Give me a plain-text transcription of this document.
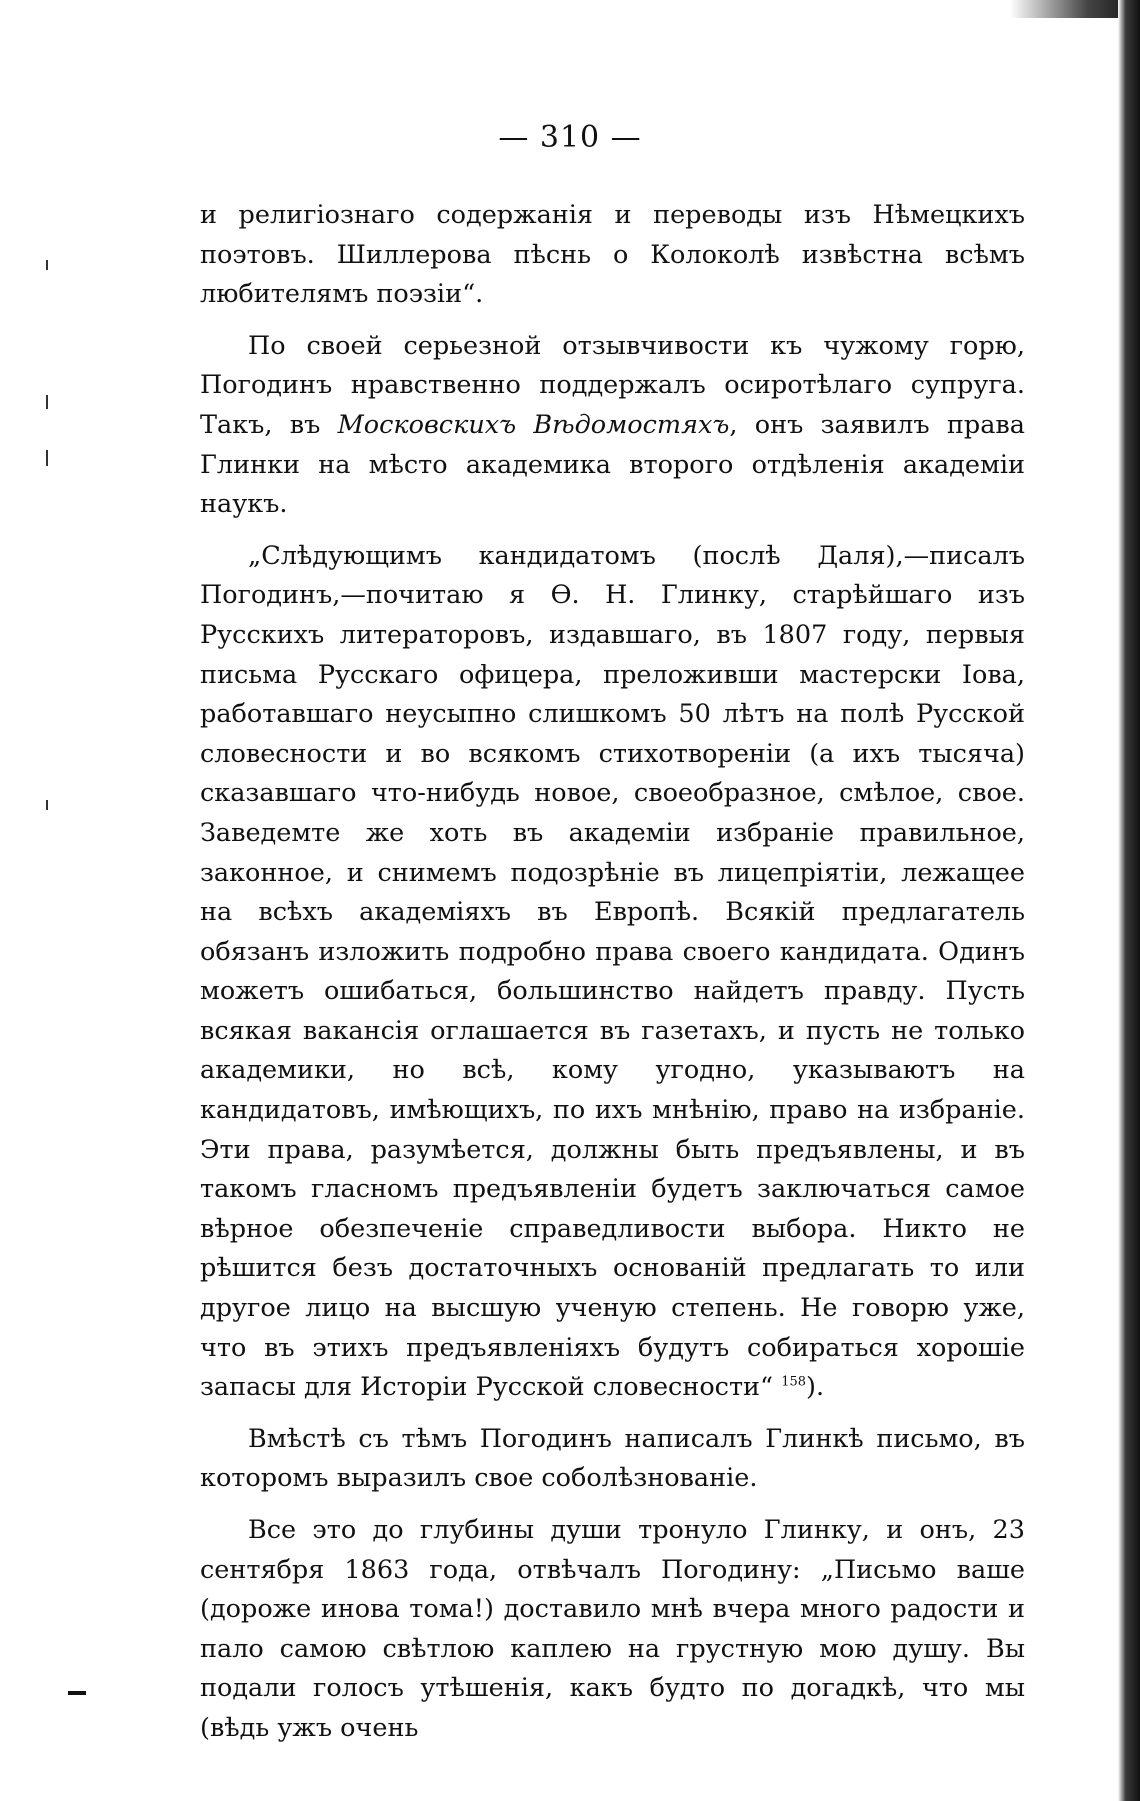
— 310 —

и религіознаго содержанія и переводы изъ Нѣмецкихъ поэтовъ. Шиллерова пѣснь о Колоколѣ извѣстна всѣмъ любителямъ поэзіи“.

По своей серьезной отзывчивости къ чужому горю, Погодинъ нравственно поддержалъ осиротѣлаго супруга. Такъ, въ Московскихъ Вѣдомостяхъ, онъ заявилъ права Глинки на мѣсто академика второго отдѣленія академіи наукъ.

„Слѣдующимъ кандидатомъ (послѣ Даля),—писалъ Погодинъ,—почитаю я Ѳ. Н. Глинку, старѣйшаго изъ Русскихъ литераторовъ, издавшаго, въ 1807 году, первыя письма Русскаго офицера, преложивши мастерски Іова, работавшаго неусыпно слишкомъ 50 лѣтъ на полѣ Русской словесности и во всякомъ стихотвореніи (а ихъ тысяча) сказавшаго что-нибудь новое, своеобразное, смѣлое, свое. Заведемте же хоть въ академіи избраніе правильное, законное, и снимемъ подозрѣніе въ лицепріятіи, лежащее на всѣхъ академіяхъ въ Европѣ. Всякій предлагатель обязанъ изложить подробно права своего кандидата. Одинъ можетъ ошибаться, большинство найдетъ правду. Пусть всякая вакансія оглашается въ газетахъ, и пусть не только академики, но всѣ, кому угодно, указываютъ на кандидатовъ, имѣющихъ, по ихъ мнѣнію, право на избраніе. Эти права, разумѣется, должны быть предъявлены, и въ такомъ гласномъ предъявленіи будетъ заключаться самое вѣрное обезпеченіе справедливости выбора. Никто не рѣшится безъ достаточныхъ основаній предлагать то или другое лицо на высшую ученую степень. Не говорю уже, что въ этихъ предъявленіяхъ будутъ собираться хорошіе запасы для Исторіи Русской словесности“ $^{158}$).

Вмѣстѣ съ тѣмъ Погодинъ написалъ Глинкѣ письмо, въ которомъ выразилъ свое соболѣзнованіе.

Все это до глубины души тронуло Глинку, и онъ, 23 сентября 1863 года, отвѣчалъ Погодину: „Письмо ваше (дороже инова тома!) доставило мнѣ вчера много радости и пало самою свѣтлою каплею на грустную мою душу. Вы подали голосъ утѣшенія, какъ будто по догадкѣ, что мы (вѣдь ужъ очень
